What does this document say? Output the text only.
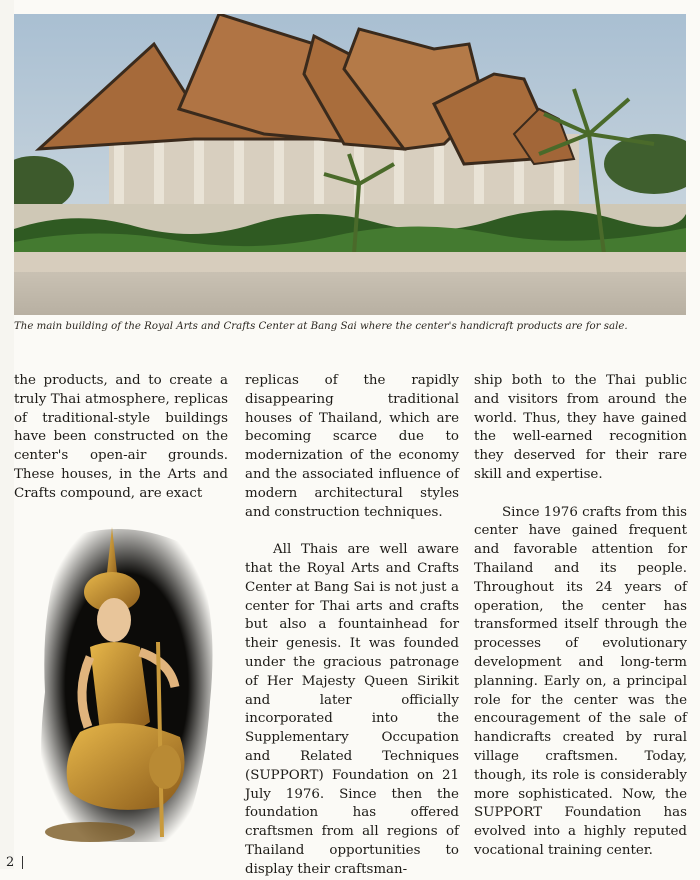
The main building of the Royal Arts and Crafts Center at Bang Sai where the center's handicraft products are for sale.

the products, and to create a truly Thai atmosphere, replicas of traditional-style buildings have been constructed on the center's open-air grounds. These houses, in the Arts and Crafts compound, are exact

replicas of the rapidly disappearing traditional houses of Thailand, which are becoming scarce due to modernization of the economy and the associated influence of modern architectural styles and construction techniques.

All Thais are well aware that the Royal Arts and Crafts Center at Bang Sai is not just a center for Thai arts and crafts but also a fountainhead for their genesis. It was founded under the gracious patronage of Her Majesty Queen Sirikit and later officially incorporated into the Supplementary Occupation and Related Techniques (SUPPORT) Foundation on 21 July 1976. Since then the foundation has offered craftsmen from all regions of Thailand opportunities to display their craftsman-

ship both to the Thai public and visitors from around the world. Thus, they have gained the well-earned recognition they deserved for their rare skill and expertise.

Since 1976 crafts from this center have gained frequent and favorable attention for Thailand and its people. Throughout its 24 years of operation, the center has transformed itself through the processes of evolutionary development and long-term planning. Early on, a principal role for the center was the encouragement of the sale of handicrafts created by rural village craftsmen. Today, though, its role is considerably more sophisticated. Now, the SUPPORT Foundation has evolved into a highly reputed vocational training center.

2
